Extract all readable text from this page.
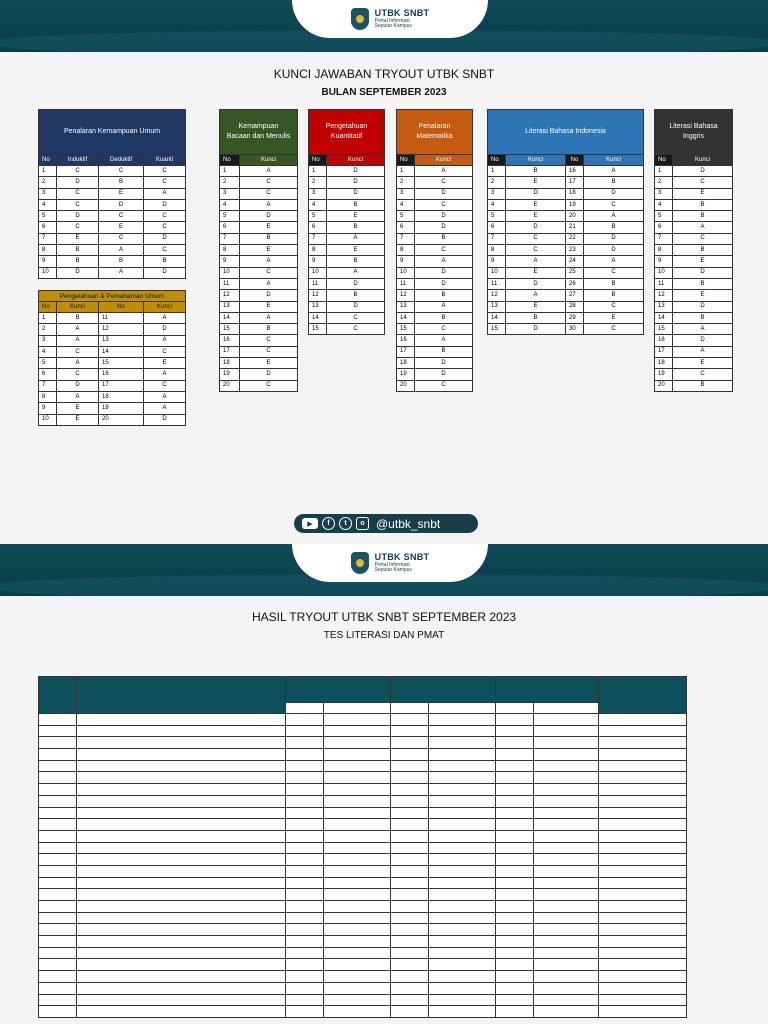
UTBK SNBT
Portal Informasi
Seputar Kampus
KUNCI JAWABAN TRYOUT UTBK SNBT
BULAN SEPTEMBER 2023
Penalaran Kemampuan Umum			
No	Induktif	Deduktif	Kuanti
1	C	C	C
2	D	B	C
3	C	E	A
4	C	D	D
5	D	C	C
6	C	E	C
7	E	C	D
8	B	A	C
9	B	B	B
10	D	A	D
Pengetahuan & Pemahaman Umum			
No	Kunci	No	Kunci
1	B	11	A
2	A	12	D
3	A	13	A
4	C	14	C
5	A	15	E
6	C	16	A
7	D	17	C
8	A	18	A
9	E	19	A
10	E	20	D
Kemampuan
Bacaan dan Menulis	
No	Kunci
1	A
2	C
3	C
4	A
5	D
6	E
7	B
8	E
9	A
10	C
11	A
12	D
13	E
14	A
15	B
16	C
17	C
18	E
19	D
20	C
Pengetahuan
Kuantitatif	
No	Kunci
1	D
2	D
3	D
4	B
5	E
6	B
7	A
8	E
9	B
10	A
11	D
12	B
13	D
14	C
15	C
Penalaran
Matematika	
No	Kunci
1	A
2	C
3	D
4	C
5	D
6	D
7	B
8	C
9	A
10	D
11	D
12	B
13	A
14	B
15	C
16	A
17	B
18	D
19	D
20	C
Literasi Bahasa Indonesia			
No	Kunci	No	Kunci
1	B	16	A
2	E	17	B
3	D	18	D
4	E	19	C
5	E	20	A
6	D	21	B
7	C	22	D
8	C	23	D
9	A	24	A
10	E	25	C
11	D	26	B
12	A	27	B
13	E	28	C
14	B	29	E
15	D	30	C
Literasi Bahasa
Inggris	
No	Kunci
1	D
2	C
3	E
4	B
5	B
6	A
7	C
8	B
9	E
10	D
11	B
12	E
13	D
14	B
15	A
16	D
17	A
18	E
19	C
20	B
▶	f	t	o @utbk_snbt
UTBK SNBT
Portal Informasi
Seputar Kampus
HASIL TRYOUT UTBK SNBT SEPTEMBER 2023
TES LITERASI DAN PMAT
